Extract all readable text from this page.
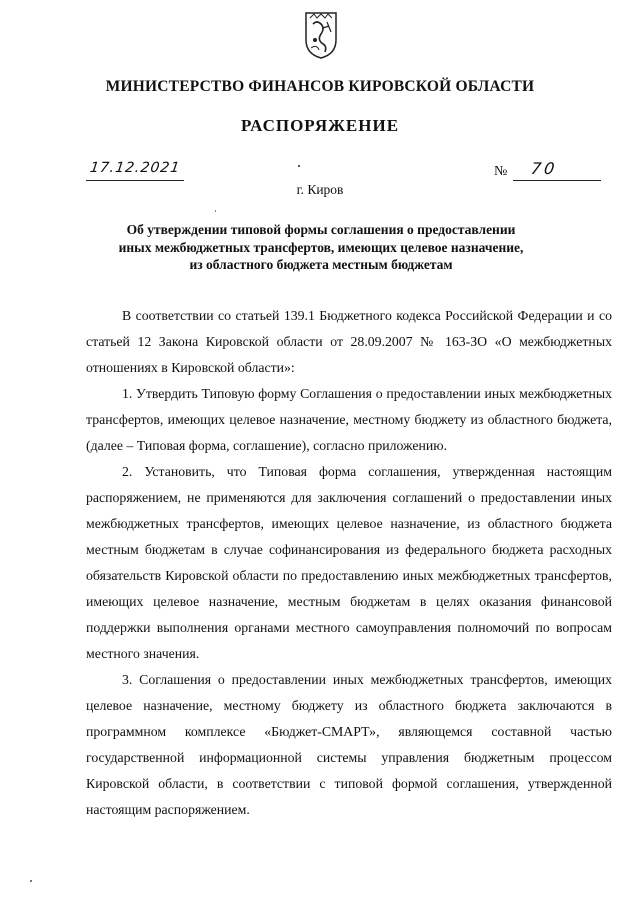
МИНИСТЕРСТВО ФИНАНСОВ КИРОВСКОЙ ОБЛАСТИ
РАСПОРЯЖЕНИЕ
17.12.2021	№ 70
г. Киров
Об утверждении типовой формы соглашения о предоставлении
иных межбюджетных трансфертов, имеющих целевое назначение,
из областного бюджета местным бюджетам

В соответствии со статьей 139.1 Бюджетного кодекса Российской Федерации и со статьей 12 Закона Кировской области от 28.09.2007 № 163-ЗО «О межбюджетных отношениях в Кировской области»:

1. Утвердить Типовую форму Соглашения о предоставлении иных межбюджетных трансфертов, имеющих целевое назначение, местному бюджету из областного бюджета, (далее – Типовая форма, соглашение), согласно приложению.

2. Установить, что Типовая форма соглашения, утвержденная настоящим распоряжением, не применяются для заключения соглашений о предоставлении иных межбюджетных трансфертов, имеющих целевое назначение, из областного бюджета местным бюджетам в случае софинансирования из федерального бюджета расходных обязательств Кировской области по предоставлению иных межбюджетных трансфертов, имеющих целевое назначение, местным бюджетам в целях оказания финансовой поддержки выполнения органами местного самоуправления полномочий по вопросам местного значения.

3. Соглашения о предоставлении иных межбюджетных трансфертов, имеющих целевое назначение, местному бюджету из областного бюджета заключаются в программном комплексе «Бюджет-СМАРТ», являющемся составной частью государственной информационной системы управления бюджетным процессом Кировской области, в соответствии с типовой формой соглашения, утвержденной настоящим распоряжением.
